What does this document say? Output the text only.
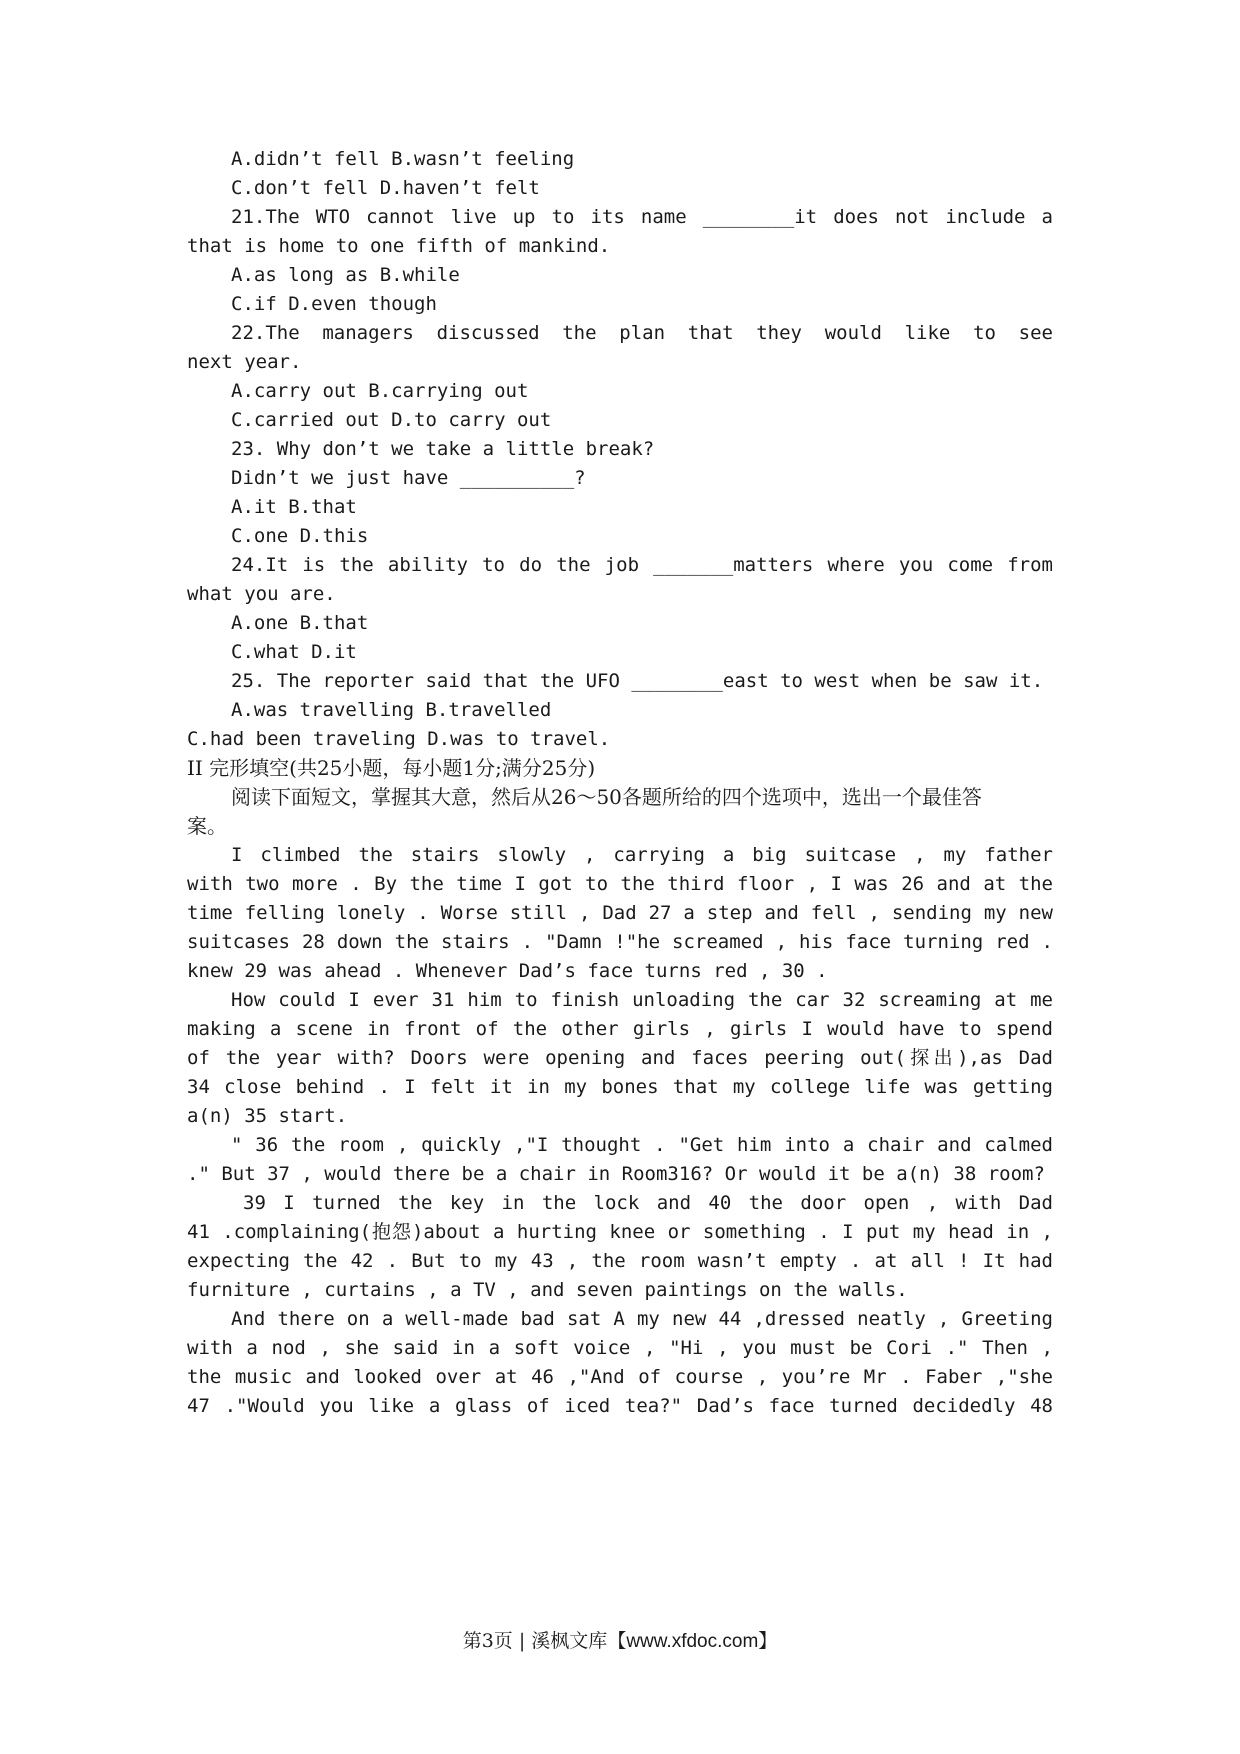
A.didn’t fell B.wasn’t feeling
C.don’t fell D.haven’t felt
21.The WTO cannot live up to its name ________it does not include a
that is home to one fifth of mankind.
A.as long as B.while
C.if D.even though
22.The managers discussed the plan that they would like to see
next year.
A.carry out B.carrying out
C.carried out D.to carry out
23. Why don’t we take a little break?
Didn’t we just have __________?
A.it B.that
C.one D.this
24.It is the ability to do the job _______matters where you come from
what you are.
A.one B.that
C.what D.it
25. The reporter said that the UFO ________east to west when be saw it.
A.was travelling B.travelled
C.had been traveling D.was to travel.
II 完形填空(共25小题，每小题1分;满分25分)
阅读下面短文，掌握其大意，然后从26～50各题所给的四个选项中，选出一个最佳答
案。
I climbed the stairs slowly , carrying a big suitcase , my father
with two more . By the time I got to the third floor , I was 26 and at the
time felling lonely . Worse still , Dad 27 a step and fell , sending my new
suitcases 28 down the stairs . "Damn !"he screamed , his face turning red .
knew 29 was ahead . Whenever Dad’s face turns red , 30 .
How could I ever 31 him to finish unloading the car 32 screaming at me
making a scene in front of the other girls , girls I would have to spend
of the year with? Doors were opening and faces peering out(探出),as Dad
34 close behind . I felt it in my bones that my college life was getting
a(n) 35 start.
" 36 the room , quickly ,"I thought . "Get him into a chair and calmed
." But 37 , would there be a chair in Room316? Or would it be a(n) 38 room?
39 I turned the key in the lock and 40 the door open , with Dad
41 .complaining(抱怨)about a hurting knee or something . I put my head in ,
expecting the 42 . But to my 43 , the room wasn’t empty . at all ! It had
furniture , curtains , a TV , and seven paintings on the walls.
And there on a well-made bad sat A my new 44 ,dressed neatly , Greeting
with a nod , she said in a soft voice , "Hi , you must be Cori ." Then ,
the music and looked over at 46 ,"And of course , you’re Mr . Faber ,"she
47 ."Would you like a glass of iced tea?" Dad’s face turned decidedly 48
第3页 | 溪枫文库【www.xfdoc.com】
